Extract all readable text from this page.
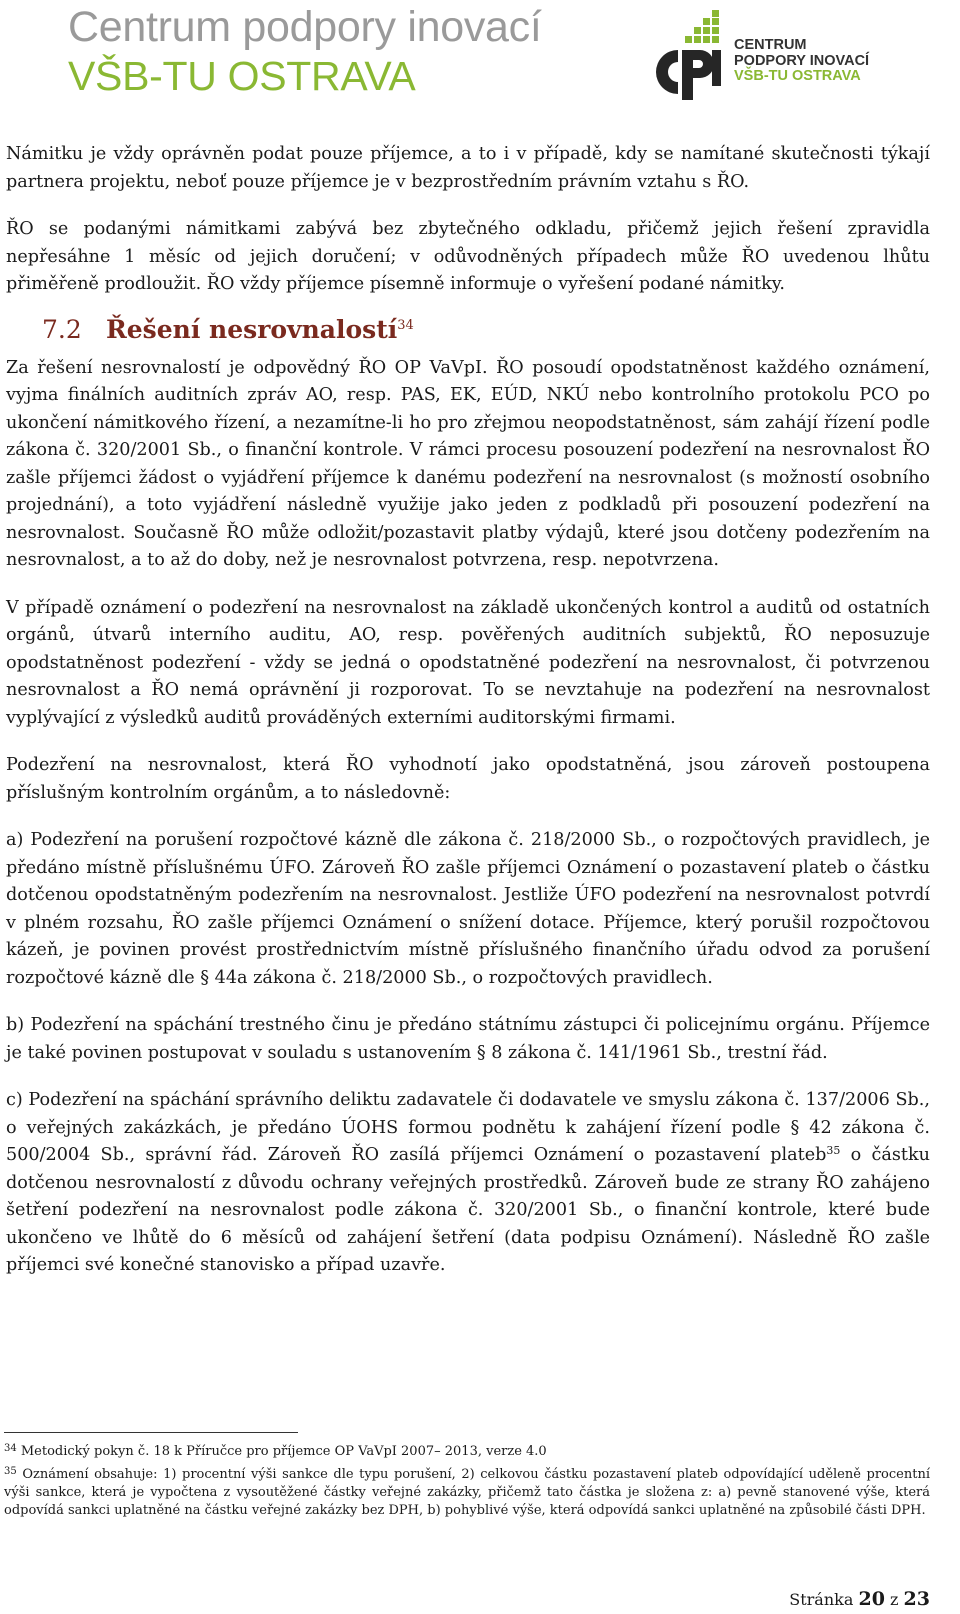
Centrum podpory inovací
VŠB-TU OSTRAVA
CENTRUM
PODPORY INOVACÍ
VŠB-TU OSTRAVA

Námitku je vždy oprávněn podat pouze příjemce, a to i v případě, kdy se namítané skutečnosti týkají partnera projektu, neboť pouze příjemce je v bezprostředním právním vztahu s ŘO.

ŘO se podanými námitkami zabývá bez zbytečného odkladu, přičemž jejich řešení zpravidla nepřesáhne 1 měsíc od jejich doručení; v odůvodněných případech může ŘO uvedenou lhůtu přiměřeně prodloužit. ŘO vždy příjemce písemně informuje o vyřešení podané námitky.

7.2 Řešení nesrovnalostí$^{34}$

Za řešení nesrovnalostí je odpovědný ŘO OP VaVpI. ŘO posoudí opodstatněnost každého oznámení, vyjma finálních auditních zpráv AO, resp. PAS, EK, EÚD, NKÚ nebo kontrolního protokolu PCO po ukončení námitkového řízení, a nezamítne-li ho pro zřejmou neopodstatněnost, sám zahájí řízení podle zákona č. 320/2001 Sb., o finanční kontrole. V rámci procesu posouzení podezření na nesrovnalost ŘO zašle příjemci žádost o vyjádření příjemce k danému podezření na nesrovnalost (s možností osobního projednání), a toto vyjádření následně využije jako jeden z podkladů při posouzení podezření na nesrovnalost. Současně ŘO může odložit/pozastavit platby výdajů, které jsou dotčeny podezřením na nesrovnalost, a to až do doby, než je nesrovnalost potvrzena, resp. nepotvrzena.

V případě oznámení o podezření na nesrovnalost na základě ukončených kontrol a auditů od ostatních orgánů, útvarů interního auditu, AO, resp. pověřených auditních subjektů, ŘO neposuzuje opodstatněnost podezření - vždy se jedná o opodstatněné podezření na nesrovnalost, či potvrzenou nesrovnalost a ŘO nemá oprávnění ji rozporovat. To se nevztahuje na podezření na nesrovnalost vyplývající z výsledků auditů prováděných externími auditorskými firmami.

Podezření na nesrovnalost, která ŘO vyhodnotí jako opodstatněná, jsou zároveň postoupena příslušným kontrolním orgánům, a to následovně:

a) Podezření na porušení rozpočtové kázně dle zákona č. 218/2000 Sb., o rozpočtových pravidlech, je předáno místně příslušnému ÚFO. Zároveň ŘO zašle příjemci Oznámení o pozastavení plateb o částku dotčenou opodstatněným podezřením na nesrovnalost. Jestliže ÚFO podezření na nesrovnalost potvrdí v plném rozsahu, ŘO zašle příjemci Oznámení o snížení dotace. Příjemce, který porušil rozpočtovou kázeň, je povinen provést prostřednictvím místně příslušného finančního úřadu odvod za porušení rozpočtové kázně dle § 44a zákona č. 218/2000 Sb., o rozpočtových pravidlech.

b) Podezření na spáchání trestného činu je předáno státnímu zástupci či policejnímu orgánu. Příjemce je také povinen postupovat v souladu s ustanovením § 8 zákona č. 141/1961 Sb., trestní řád.

c) Podezření na spáchání správního deliktu zadavatele či dodavatele ve smyslu zákona č. 137/2006 Sb., o veřejných zakázkách, je předáno ÚOHS formou podnětu k zahájení řízení podle § 42 zákona č. 500/2004 Sb., správní řád. Zároveň ŘO zasílá příjemci Oznámení o pozastavení plateb$^{35}$ o částku dotčenou nesrovnalostí z důvodu ochrany veřejných prostředků. Zároveň bude ze strany ŘO zahájeno šetření podezření na nesrovnalost podle zákona č. 320/2001 Sb., o finanční kontrole, které bude ukončeno ve lhůtě do 6 měsíců od zahájení šetření (data podpisu Oznámení). Následně ŘO zašle příjemci své konečné stanovisko a případ uzavře.

$^{34}$ Metodický pokyn č. 18 k Příručce pro příjemce OP VaVpI 2007– 2013, verze 4.0

$^{35}$ Oznámení obsahuje: 1) procentní výši sankce dle typu porušení, 2) celkovou částku pozastavení plateb odpovídající uděleně procentní výši sankce, která je vypočtena z vysoutěžené částky veřejné zakázky, přičemž tato částka je složena z: a) pevně stanovené výše, která odpovídá sankci uplatněné na částku veřejné zakázky bez DPH, b) pohyblivé výše, která odpovídá sankci uplatněné na způsobilé části DPH.

Stránka 20 z 23
